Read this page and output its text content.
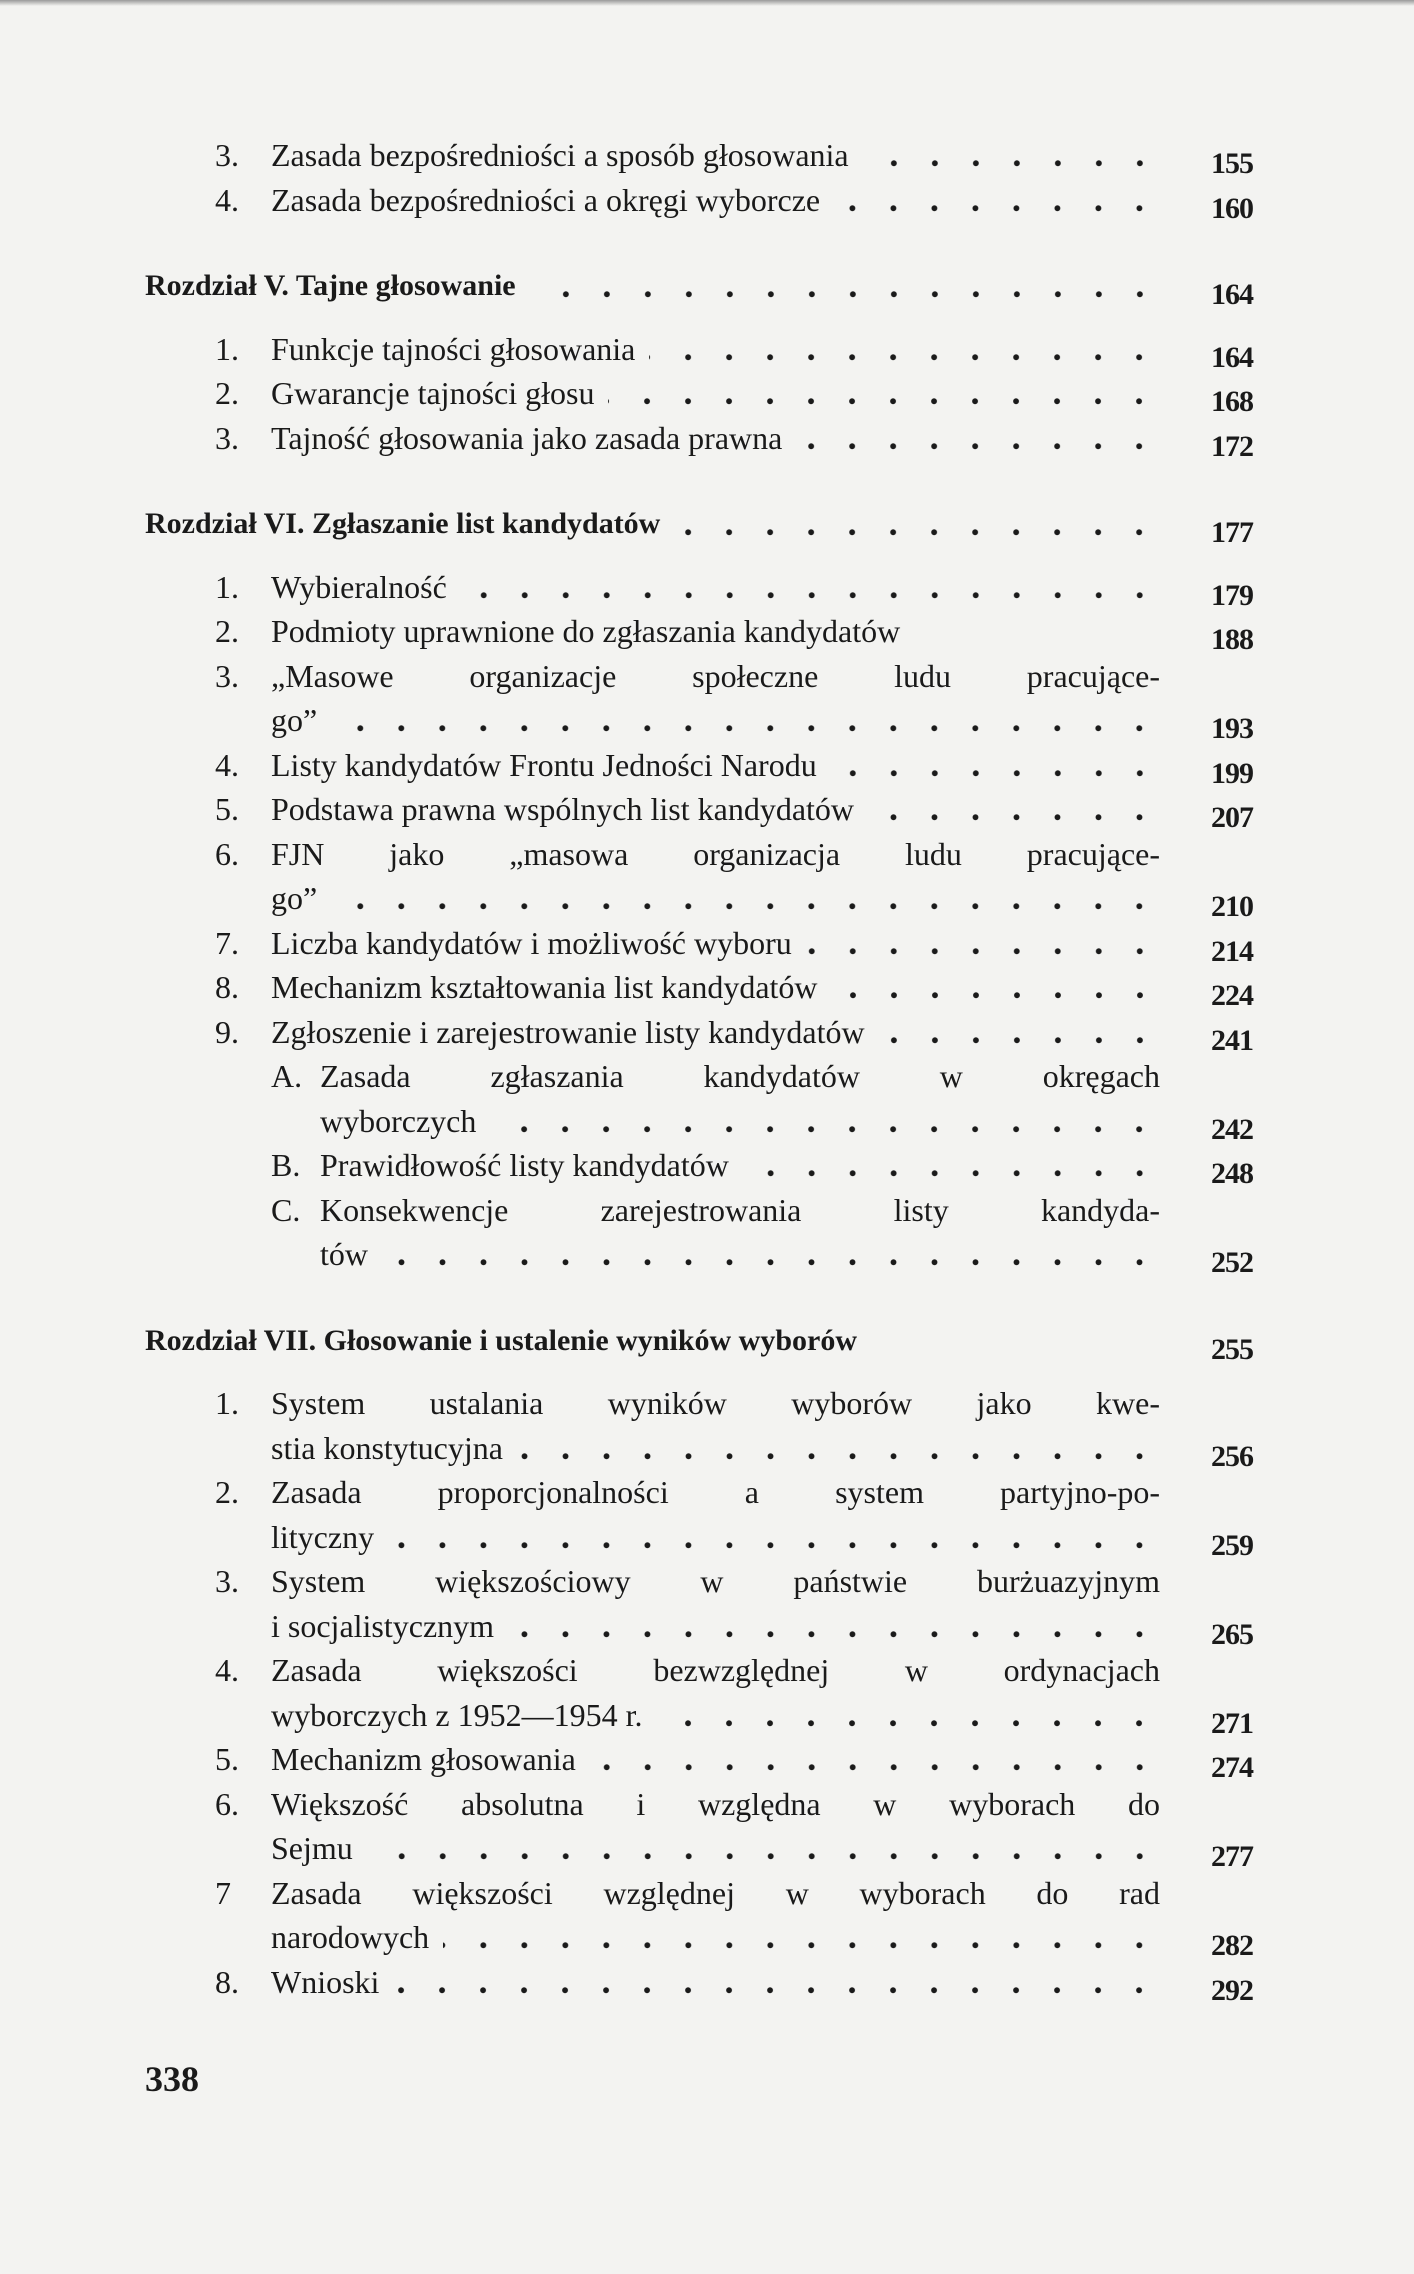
3. Zasada bezpośredniości a sposób głosowania	155
4. Zasada bezpośredniości a okręgi wyborcze	160
Rozdział V. Tajne głosowanie	164
1. Funkcje tajności głosowania	164
2. Gwarancje tajności głosu	168
3. Tajność głosowania jako zasada prawna	172
Rozdział VI. Zgłaszanie list kandydatów	177
1. Wybieralność	179
2. Podmioty uprawnione do zgłaszania kandydatów	188
3. „Masowe organizacje społeczne ludu pracujące-
go”	193
4. Listy kandydatów Frontu Jedności Narodu	199
5. Podstawa prawna wspólnych list kandydatów	207
6. FJN jako „masowa organizacja ludu pracujące-
go”	210
7. Liczba kandydatów i możliwość wyboru	214
8. Mechanizm kształtowania list kandydatów	224
9. Zgłoszenie i zarejestrowanie listy kandydatów	241
A. Zasada zgłaszania kandydatów w okręgach
wyborczych	242
B. Prawidłowość listy kandydatów	248
C. Konsekwencje zarejestrowania listy kandyda-
tów	252
Rozdział VII. Głosowanie i ustalenie wyników wyborów	255
1. System ustalania wyników wyborów jako kwe-
stia konstytucyjna	256
2. Zasada proporcjonalności a system partyjno-po-
lityczny	259
3. System większościowy w państwie burżuazyjnym
i socjalistycznym	265
4. Zasada większości bezwzględnej w ordynacjach
wyborczych z 1952—1954 r.	271
5. Mechanizm głosowania	274
6. Większość absolutna i względna w wyborach do
Sejmu	277
7 Zasada większości względnej w wyborach do rad
narodowych	282
8. Wnioski	292
338
